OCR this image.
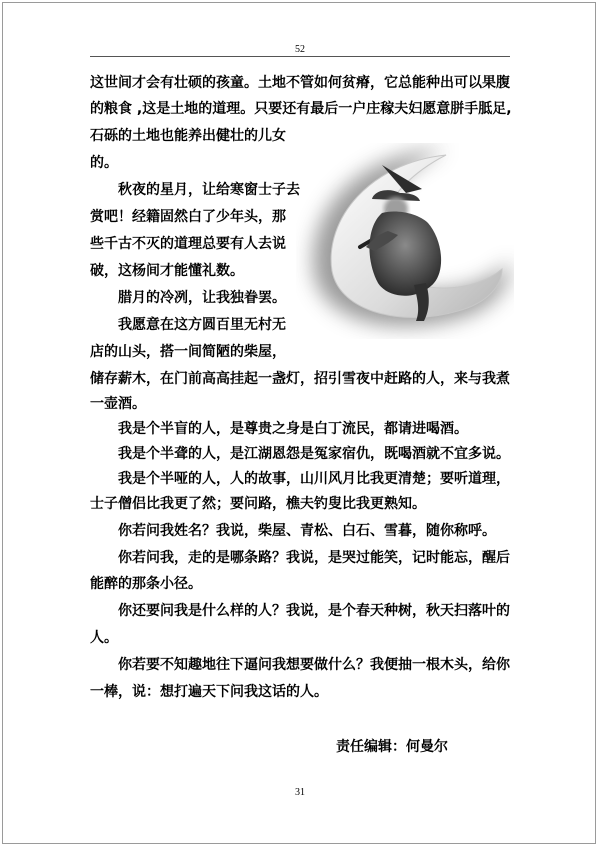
52
这世间才会有壮硕的孩童。土地不管如何贫瘠，它总能种出可以果腹
的粮食 ,这是土地的道理。只要还有最后一户庄稼夫妇愿意胼手胝足,
石砾的土地也能养出健壮的儿女
的。
秋夜的星月，让给寒窗士子去
赏吧！经籍固然白了少年头，那
些千古不灭的道理总要有人去说
破，这杨间才能懂礼数。
腊月的冷冽，让我独眷罢。
我愿意在这方圆百里无村无
店的山头，搭一间简陋的柴屋，
储存薪木，在门前高高挂起一盏灯，招引雪夜中赶路的人，来与我煮
一壶酒。
我是个半盲的人，是尊贵之身是白丁流民，都请进喝酒。
我是个半聋的人，是江湖恩怨是冤家宿仇，既喝酒就不宜多说。
我是个半哑的人，人的故事，山川风月比我更清楚；要听道理，
士子僧侣比我更了然；要问路，樵夫钓叟比我更熟知。
你若问我姓名？我说，柴屋、青松、白石、雪暮，随你称呼。
你若问我，走的是哪条路？我说，是哭过能笑，记时能忘，醒后
能醉的那条小径。
你还要问我是什么样的人？我说，是个春天种树，秋天扫落叶的
人。
你若要不知趣地往下逼问我想要做什么？我便抽一根木头，给你
一棒，说：想打遍天下问我这话的人。
责任编辑：何曼尔
31
